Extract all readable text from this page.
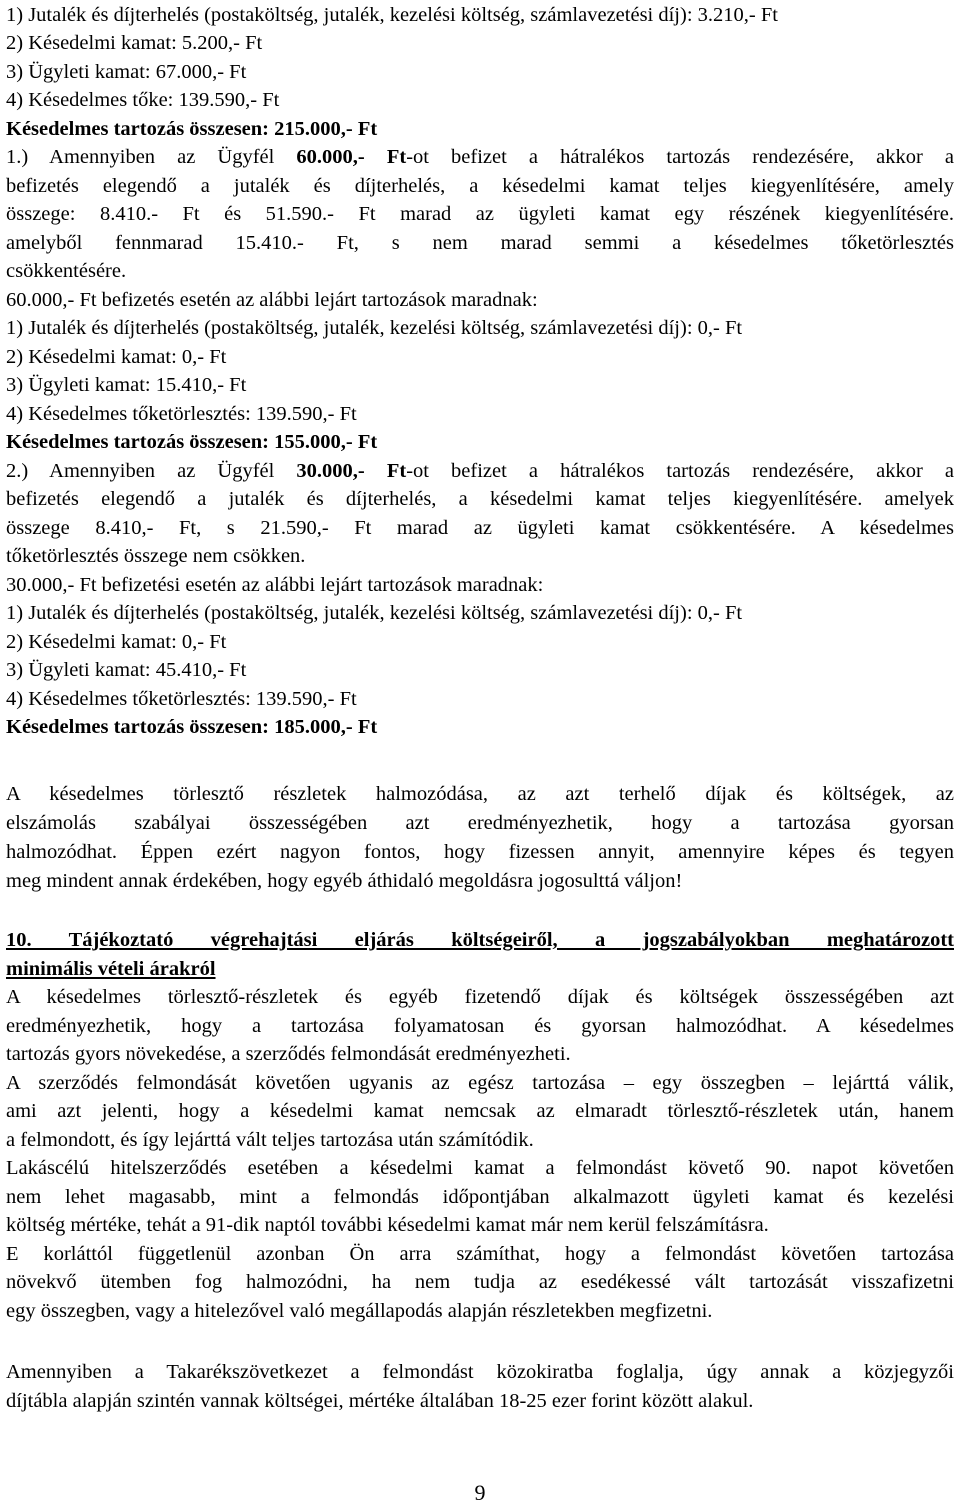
1) Jutalék és díjterhelés (postaköltség, jutalék, kezelési költség, számlavezetési díj): 3.210,- Ft
2) Késedelmi kamat: 5.200,- Ft
3) Ügyleti kamat: 67.000,- Ft
4) Késedelmes tőke: 139.590,- Ft
Késedelmes tartozás összesen: 215.000,- Ft
1.) Amennyiben az Ügyfél 60.000,- Ft-ot befizet a hátralékos tartozás rendezésére, akkor a
befizetés elegendő a jutalék és díjterhelés, a késedelmi kamat teljes kiegyenlítésére, amely
összege: 8.410.- Ft és 51.590.- Ft marad az ügyleti kamat egy részének kiegyenlítésére.
amelyből fennmarad 15.410.- Ft, s nem marad semmi a késedelmes tőketörlesztés
csökkentésére.
60.000,- Ft befizetés esetén az alábbi lejárt tartozások maradnak:
1) Jutalék és díjterhelés (postaköltség, jutalék, kezelési költség, számlavezetési díj): 0,- Ft
2) Késedelmi kamat: 0,- Ft
3) Ügyleti kamat: 15.410,- Ft
4) Késedelmes tőketörlesztés: 139.590,- Ft
Késedelmes tartozás összesen: 155.000,- Ft
2.) Amennyiben az Ügyfél 30.000,- Ft-ot befizet a hátralékos tartozás rendezésére, akkor a
befizetés elegendő a jutalék és díjterhelés, a késedelmi kamat teljes kiegyenlítésére. amelyek
összege 8.410,- Ft, s 21.590,- Ft marad az ügyleti kamat csökkentésére. A késedelmes
tőketörlesztés összege nem csökken.
30.000,- Ft befizetési esetén az alábbi lejárt tartozások maradnak:
1) Jutalék és díjterhelés (postaköltség, jutalék, kezelési költség, számlavezetési díj): 0,- Ft
2) Késedelmi kamat: 0,- Ft
3) Ügyleti kamat: 45.410,- Ft
4) Késedelmes tőketörlesztés: 139.590,- Ft
Késedelmes tartozás összesen: 185.000,- Ft
A késedelmes törlesztő részletek halmozódása, az azt terhelő díjak és költségek, az
elszámolás szabályai összességében azt eredményezhetik, hogy a tartozása gyorsan
halmozódhat. Éppen ezért nagyon fontos, hogy fizessen annyit, amennyire képes és tegyen
meg mindent annak érdekében, hogy egyéb áthidaló megoldásra jogosulttá váljon!
10. Tájékoztató végrehajtási eljárás költségeiről, a jogszabályokban meghatározott
minimális vételi árakról
A késedelmes törlesztő-részletek és egyéb fizetendő díjak és költségek összességében azt
eredményezhetik, hogy a tartozása folyamatosan és gyorsan halmozódhat. A késedelmes
tartozás gyors növekedése, a szerződés felmondását eredményezheti.
A szerződés felmondását követően ugyanis az egész tartozása – egy összegben – lejárttá válik,
ami azt jelenti, hogy a késedelmi kamat nemcsak az elmaradt törlesztő-részletek után, hanem
a felmondott, és így lejárttá vált teljes tartozása után számítódik.
Lakáscélú hitelszerződés esetében a késedelmi kamat a felmondást követő 90. napot követően
nem lehet magasabb, mint a felmondás időpontjában alkalmazott ügyleti kamat és kezelési
költség mértéke, tehát a 91-dik naptól további késedelmi kamat már nem kerül felszámításra.
E korláttól függetlenül azonban Ön arra számíthat, hogy a felmondást követően tartozása
növekvő ütemben fog halmozódni, ha nem tudja az esedékessé vált tartozását visszafizetni
egy összegben, vagy a hitelezővel való megállapodás alapján részletekben megfizetni.
Amennyiben a Takarékszövetkezet a felmondást közokiratba foglalja, úgy annak a közjegyzői
díjtábla alapján szintén vannak költségei, mértéke általában 18-25 ezer forint között alakul.
9
